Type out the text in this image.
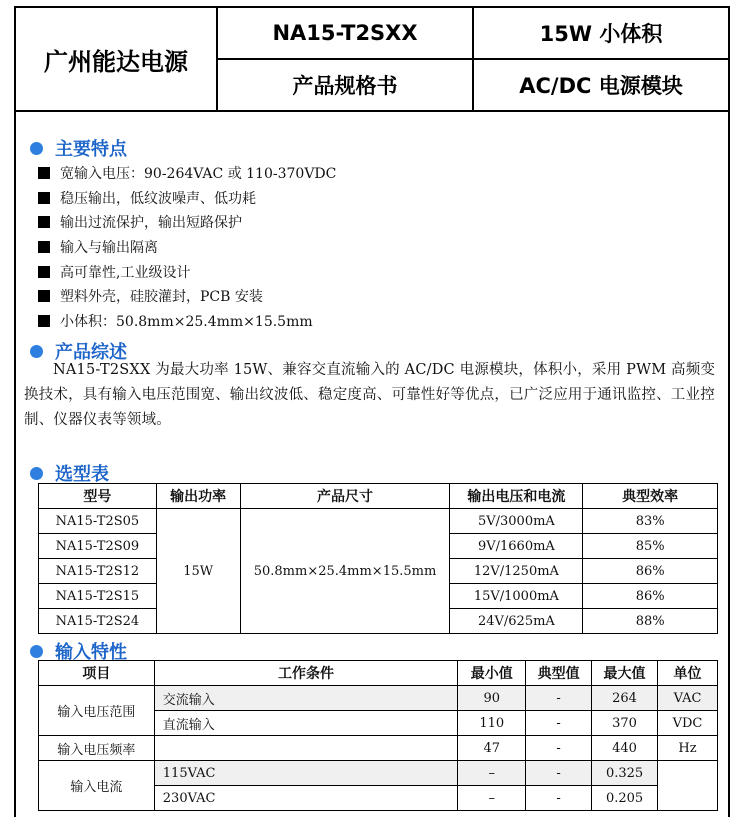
广州能达电源	NA15-T2SXX	15W 小体积
	产品规格书	AC/DC 电源模块
主要特点
宽输入电压：90-264VAC 或 110-370VDC
稳压输出，低纹波噪声、低功耗
输出过流保护，输出短路保护
输入与输出隔离
高可靠性,工业级设计
塑料外壳，硅胶灌封，PCB 安装
小体积：50.8mm×25.4mm×15.5mm
产品综述
NA15-T2SXX 为最大功率 15W、兼容交直流输入的 AC/DC 电源模块，体积小，采用 PWM 高频变换技术，具有输入电压范围宽、输出纹波低、稳定度高、可靠性好等优点，已广泛应用于通讯监控、工业控制、仪器仪表等领域。
选型表
型号	输出功率	产品尺寸	输出电压和电流	典型效率
NA15-T2S05	15W	50.8mm×25.4mm×15.5mm	5V/3000mA	83%
NA15-T2S09			9V/1660mA	85%
NA15-T2S12			12V/1250mA	86%
NA15-T2S15			15V/1000mA	86%
NA15-T2S24			24V/625mA	88%
输入特性
项目	工作条件	最小值	典型值	最大值	单位
输入电压范围	交流输入	90	-	264	VAC
	直流输入	110	-	370	VDC
输入电压频率		47	-	440	Hz
输入电流	115VAC	–	-	0.325	
	230VAC	–	-	0.205	
